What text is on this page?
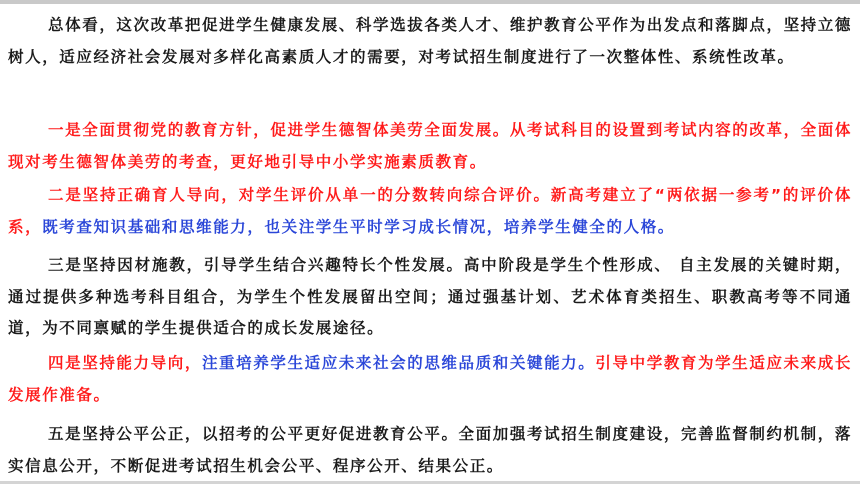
总体看，这次改革把促进学生健康发展、科学选拔各类人才、维护教育公平作为出发点和落脚点，坚持立德树人，适应经济社会发展对多样化高素质人才的需要，对考试招生制度进行了一次整体性、系统性改革。

一是全面贯彻党的教育方针，促进学生德智体美劳全面发展。从考试科目的设置到考试内容的改革，全面体现对考生德智体美劳的考查，更好地引导中小学实施素质教育。

二是坚持正确育人导向，对学生评价从单一的分数转向综合评价。新高考建立了“两依据一参考”的评价体系，既考查知识基础和思维能力，也关注学生平时学习成长情况，培养学生健全的人格。

三是坚持因材施教，引导学生结合兴趣特长个性发展。高中阶段是学生个性形成、 自主发展的关键时期，通过提供多种选考科目组合，为学生个性发展留出空间；通过强基计划、艺术体育类招生、职教高考等不同通道，为不同禀赋的学生提供适合的成长发展途径。

四是坚持能力导向，注重培养学生适应未来社会的思维品质和关键能力。引导中学教育为学生适应未来成长发展作准备。

五是坚持公平公正，以招考的公平更好促进教育公平。全面加强考试招生制度建设，完善监督制约机制，落实信息公开，不断促进考试招生机会公平、程序公开、结果公正。
